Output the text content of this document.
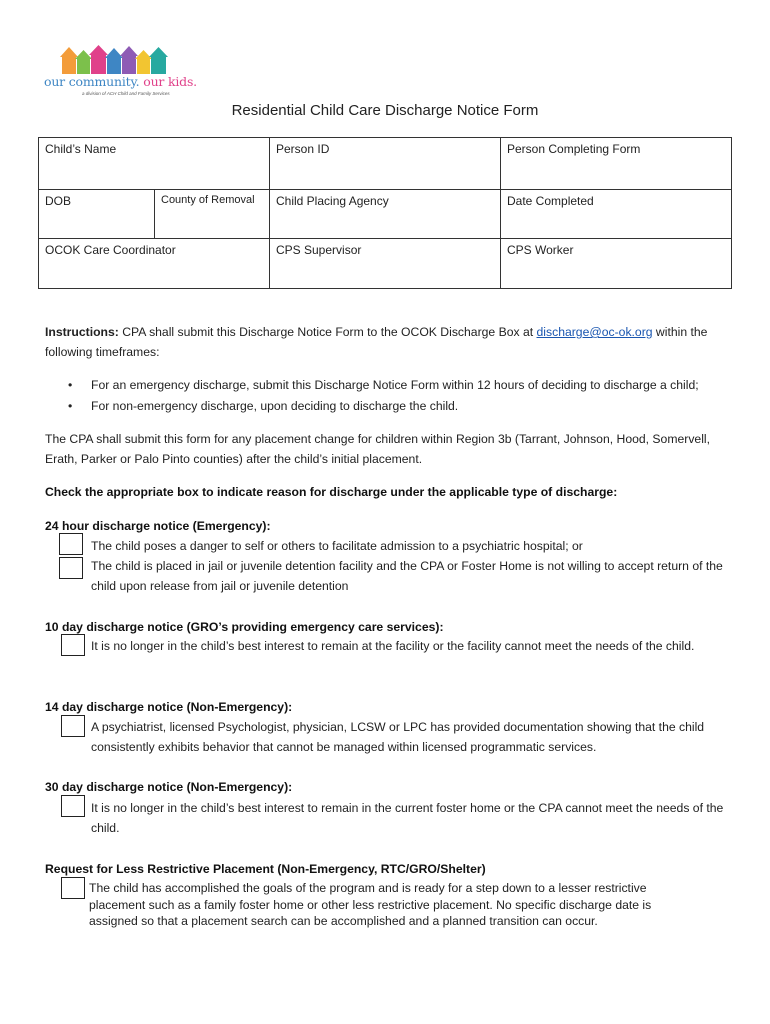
our community. our kids.
a division of ACH Child and Family Services
Residential Child Care Discharge Notice Form
Child’s Name	Person ID	Person Completing Form
DOB	County of Removal	Child Placing Agency	Date Completed
OCOK Care Coordinator	CPS Supervisor	CPS Worker
Instructions: CPA shall submit this Discharge Notice Form to the OCOK Discharge Box at discharge@oc-ok.org within the following timeframes:
• For an emergency discharge, submit this Discharge Notice Form within 12 hours of deciding to discharge a child;
• For non-emergency discharge, upon deciding to discharge the child.
The CPA shall submit this form for any placement change for children within Region 3b (Tarrant, Johnson, Hood, Somervell, Erath, Parker or Palo Pinto counties) after the child’s initial placement.
Check the appropriate box to indicate reason for discharge under the applicable type of discharge:
24 hour discharge notice (Emergency):
The child poses a danger to self or others to facilitate admission to a psychiatric hospital; or
The child is placed in jail or juvenile detention facility and the CPA or Foster Home is not willing to accept return of the child upon release from jail or juvenile detention
10 day discharge notice (GRO’s providing emergency care services):
It is no longer in the child’s best interest to remain at the facility or the facility cannot meet the needs of the child.
14 day discharge notice (Non-Emergency):
A psychiatrist, licensed Psychologist, physician, LCSW or LPC has provided documentation showing that the child consistently exhibits behavior that cannot be managed within licensed programmatic services.
30 day discharge notice (Non-Emergency):
It is no longer in the child’s best interest to remain in the current foster home or the CPA cannot meet the needs of the child.
Request for Less Restrictive Placement (Non-Emergency, RTC/GRO/Shelter)
The child has accomplished the goals of the program and is ready for a step down to a lesser restrictive placement such as a family foster home or other less restrictive placement. No specific discharge date is assigned so that a placement search can be accomplished and a planned transition can occur.
